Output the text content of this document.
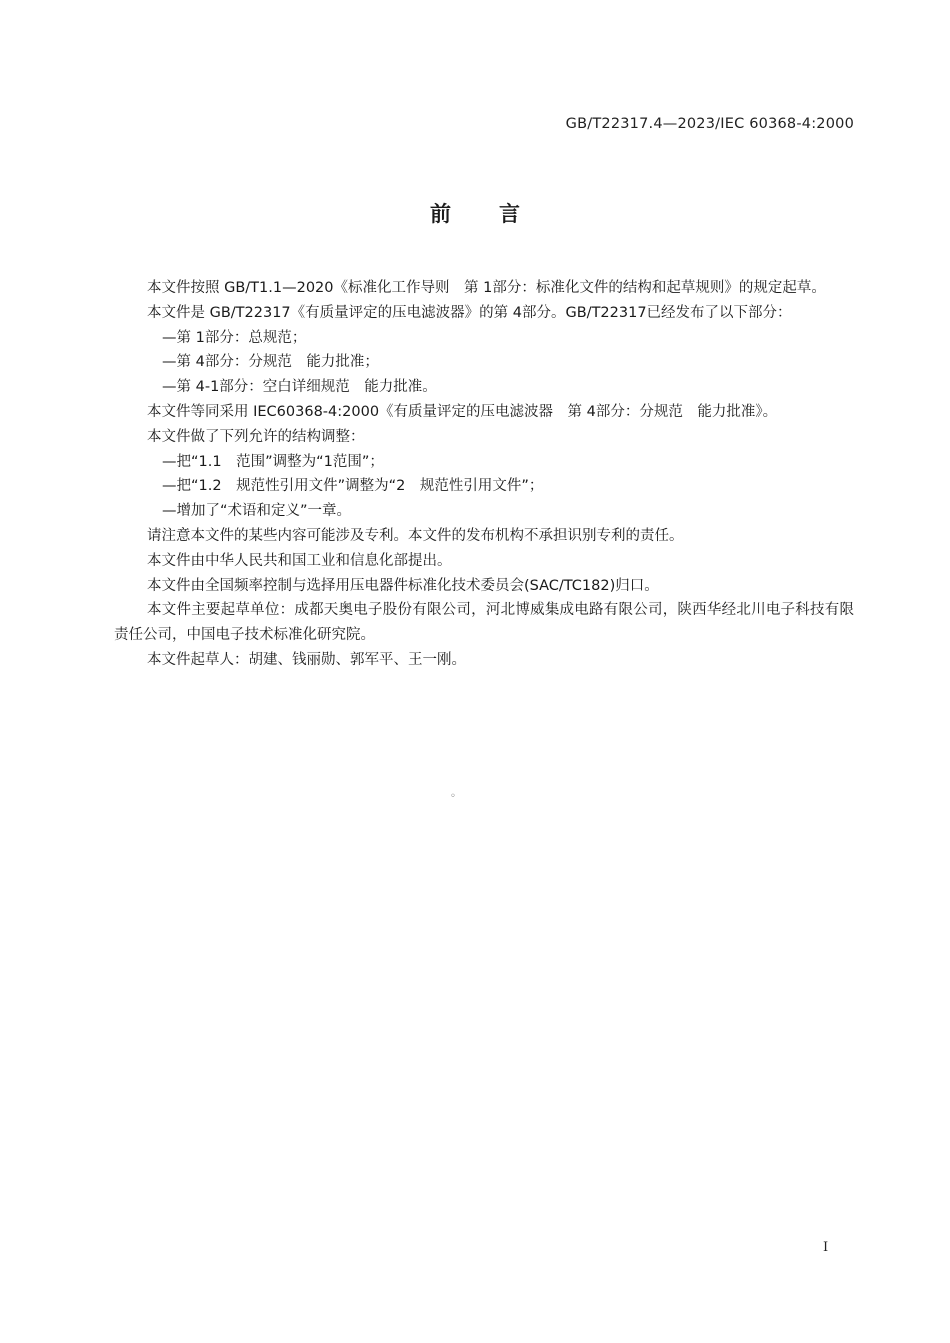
GB/T22317.4—2023/IEC 60368-4:2000
前言

本文件按照 GB/T1.1—2020《标准化工作导则　第 1部分：标准化文件的结构和起草规则》的规定起草。

本文件是 GB/T22317《有质量评定的压电滤波器》的第 4部分。GB/T22317已经发布了以下部分：

—第 1部分：总规范；
—第 4部分：分规范　能力批准；
—第 4-1部分：空白详细规范　能力批准。

本文件等同采用 IEC60368-4:2000《有质量评定的压电滤波器　第 4部分：分规范　能力批准》。

本文件做了下列允许的结构调整：

—把“1.1　范围”调整为“1范围”；
—把“1.2　规范性引用文件”调整为“2　规范性引用文件”；
—增加了“术语和定义”一章。

请注意本文件的某些内容可能涉及专利。本文件的发布机构不承担识别专利的责任。

本文件由中华人民共和国工业和信息化部提出。

本文件由全国频率控制与选择用压电器件标准化技术委员会(SAC/TC182)归口。

本文件主要起草单位：成都天奥电子股份有限公司，河北博威集成电路有限公司，陕西华经北川电子科技有限责任公司，中国电子技术标准化研究院。

本文件起草人：胡建、钱丽勋、郭军平、王一刚。

◦
I
